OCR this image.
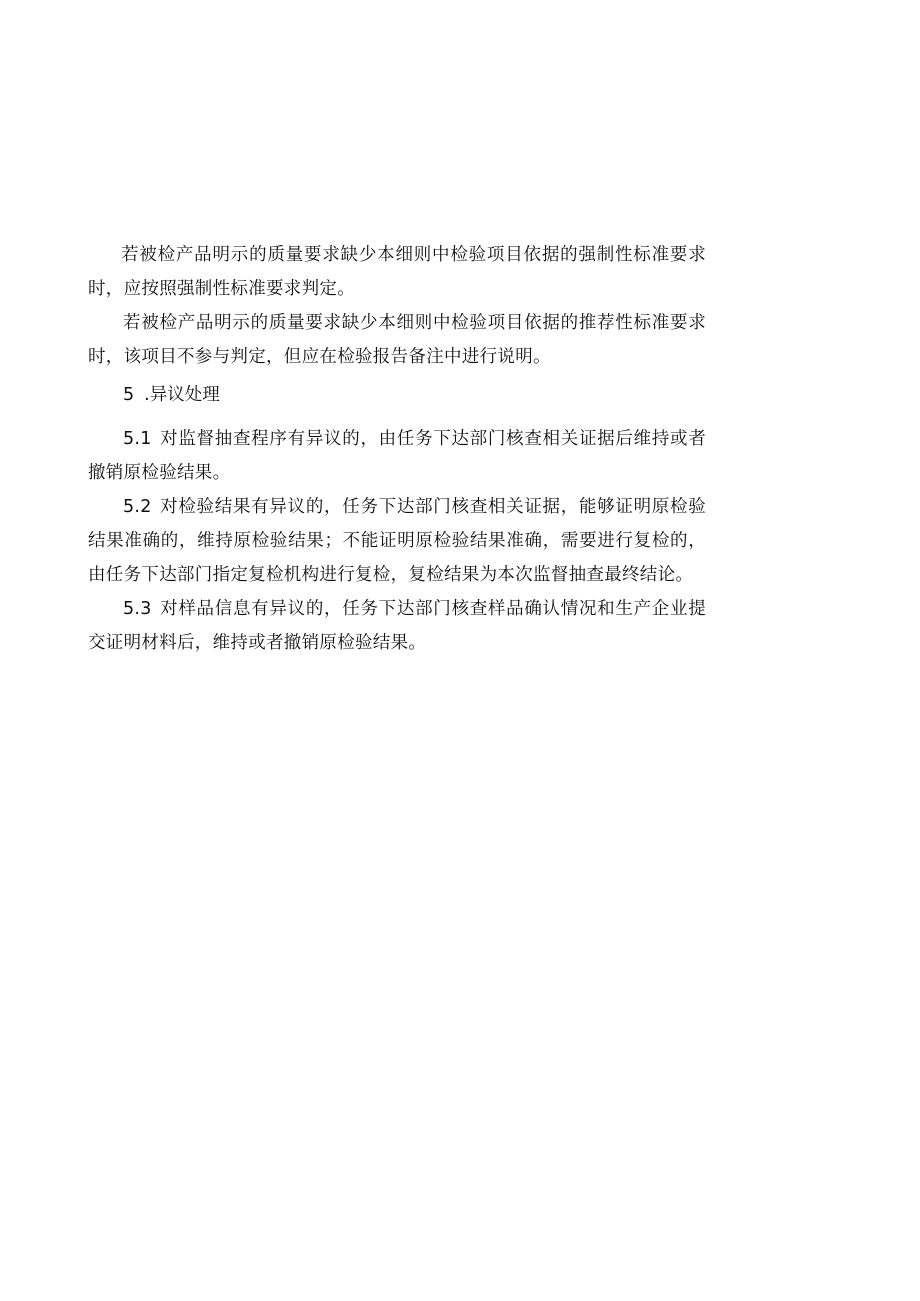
若被检产品明示的质量要求缺少本细则中检验项目依据的强制性标准要求时，应按照强制性标准要求判定。

若被检产品明示的质量要求缺少本细则中检验项目依据的推荐性标准要求时，该项目不参与判定，但应在检验报告备注中进行说明。

5 .异议处理

5.1 对监督抽查程序有异议的，由任务下达部门核查相关证据后维持或者撤销原检验结果。

5.2 对检验结果有异议的，任务下达部门核查相关证据，能够证明原检验结果准确的，维持原检验结果；不能证明原检验结果准确，需要进行复检的，由任务下达部门指定复检机构进行复检，复检结果为本次监督抽查最终结论。

5.3 对样品信息有异议的，任务下达部门核查样品确认情况和生产企业提交证明材料后，维持或者撤销原检验结果。
